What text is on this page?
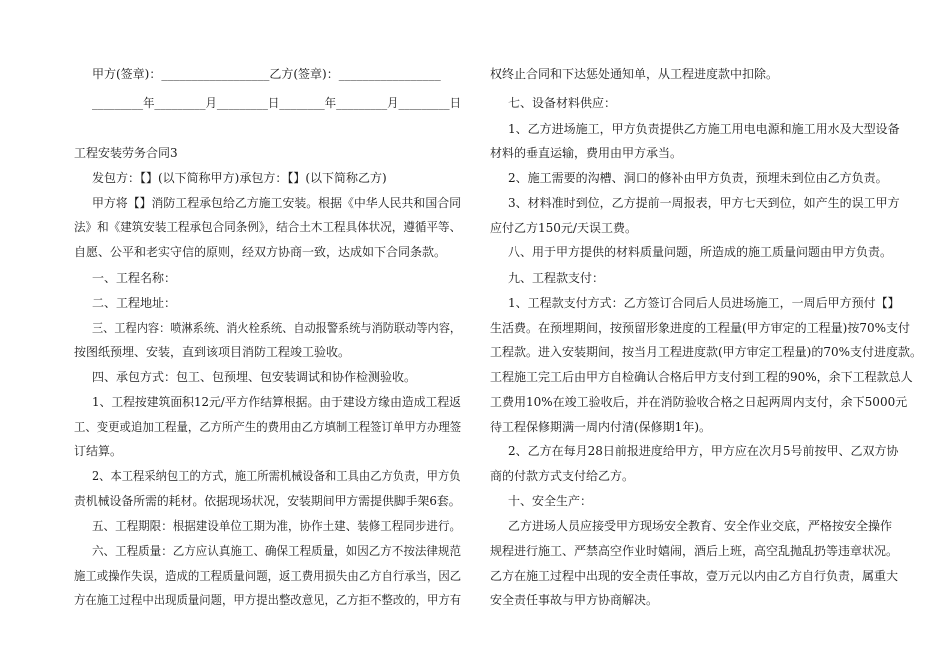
甲方(签章)：__________________乙方(签章)：_________________
_________年_________月_________日________年_________月_________日
工程安装劳务合同3
发包方：【】(以下简称甲方)承包方：【】(以下简称乙方)
甲方将【】消防工程承包给乙方施工安装。根据《中华人民共和国合同
法》和《建筑安装工程承包合同条例》，结合土木工程具体状况，遵循平等、
自愿、公平和老实守信的原则，经双方协商一致，达成如下合同条款。
一、工程名称：
二、工程地址：
三、工程内容：喷淋系统、消火栓系统、自动报警系统与消防联动等内容，
按图纸预埋、安装，直到该项目消防工程竣工验收。
四、承包方式：包工、包预埋、包安装调试和协作检测验收。
1、工程按建筑面积12元/平方作结算根据。由于建设方缘由造成工程返
工、变更或追加工程量，乙方所产生的费用由乙方填制工程签订单甲方办理签
订结算。
2、本工程采纳包工的方式，施工所需机械设备和工具由乙方负责，甲方负
责机械设备所需的耗材。依据现场状况，安装期间甲方需提供脚手架6套。
五、工程期限：根据建设单位工期为准，协作土建、装修工程同步进行。
六、工程质量：乙方应认真施工、确保工程质量，如因乙方不按法律规范
施工或操作失误，造成的工程质量问题，返工费用损失由乙方自行承当，因乙
方在施工过程中出现质量问题，甲方提出整改意见，乙方拒不整改的，甲方有
权终止合同和下达惩处通知单，从工程进度款中扣除。
七、设备材料供应：
1、乙方进场施工，甲方负责提供乙方施工用电电源和施工用水及大型设备
材料的垂直运输，费用由甲方承当。
2、施工需要的沟槽、洞口的修补由甲方负责，预埋未到位由乙方负责。
3、材料准时到位，乙方提前一周报表，甲方七天到位，如产生的误工甲方
应付乙方150元/天误工费。
八、用于甲方提供的材料质量问题，所造成的施工质量问题由甲方负责。
九、工程款支付：
1、工程款支付方式：乙方签订合同后人员进场施工，一周后甲方预付【】
生活费。在预埋期间，按预留形象进度的工程量(甲方审定的工程量)按70%支付
工程款。进入安装期间，按当月工程进度款(甲方审定工程量)的70%支付进度款。
工程施工完工后由甲方自检确认合格后甲方支付到工程的90%，余下工程款总人
工费用10%在竣工验收后，并在消防验收合格之日起两周内支付，余下5000元
待工程保修期满一周内付清(保修期1年)。
2、乙方在每月28日前报进度给甲方，甲方应在次月5号前按甲、乙双方协
商的付款方式支付给乙方。
十、安全生产：
乙方进场人员应接受甲方现场安全教育、安全作业交底，严格按安全操作
规程进行施工、严禁高空作业时嬉闹，酒后上班，高空乱抛乱扔等违章状况。
乙方在施工过程中出现的安全责任事故，壹万元以内由乙方自行负责，属重大
安全责任事故与甲方协商解决。
